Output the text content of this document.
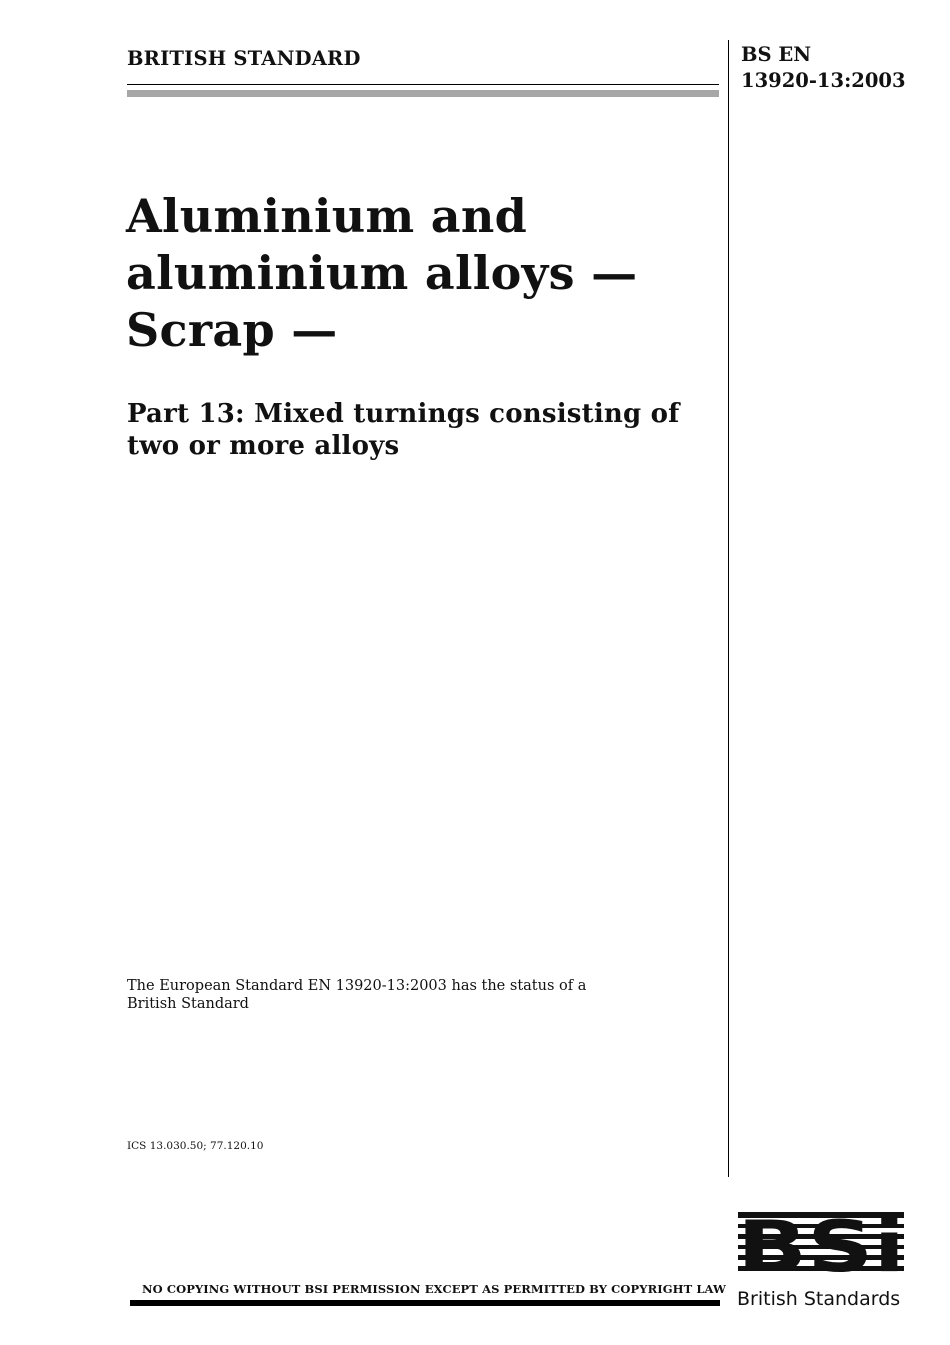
BRITISH STANDARD	BS EN
13920-13:2003
Aluminium and
aluminium alloys —
Scrap —
Part 13: Mixed turnings consisting of
two or more alloys
The European Standard EN 13920-13:2003 has the status of a
British Standard
ICS 13.030.50; 77.120.10
NO COPYING WITHOUT BSI PERMISSION EXCEPT AS PERMITTED BY COPYRIGHT LAW
BSi
British Standards
